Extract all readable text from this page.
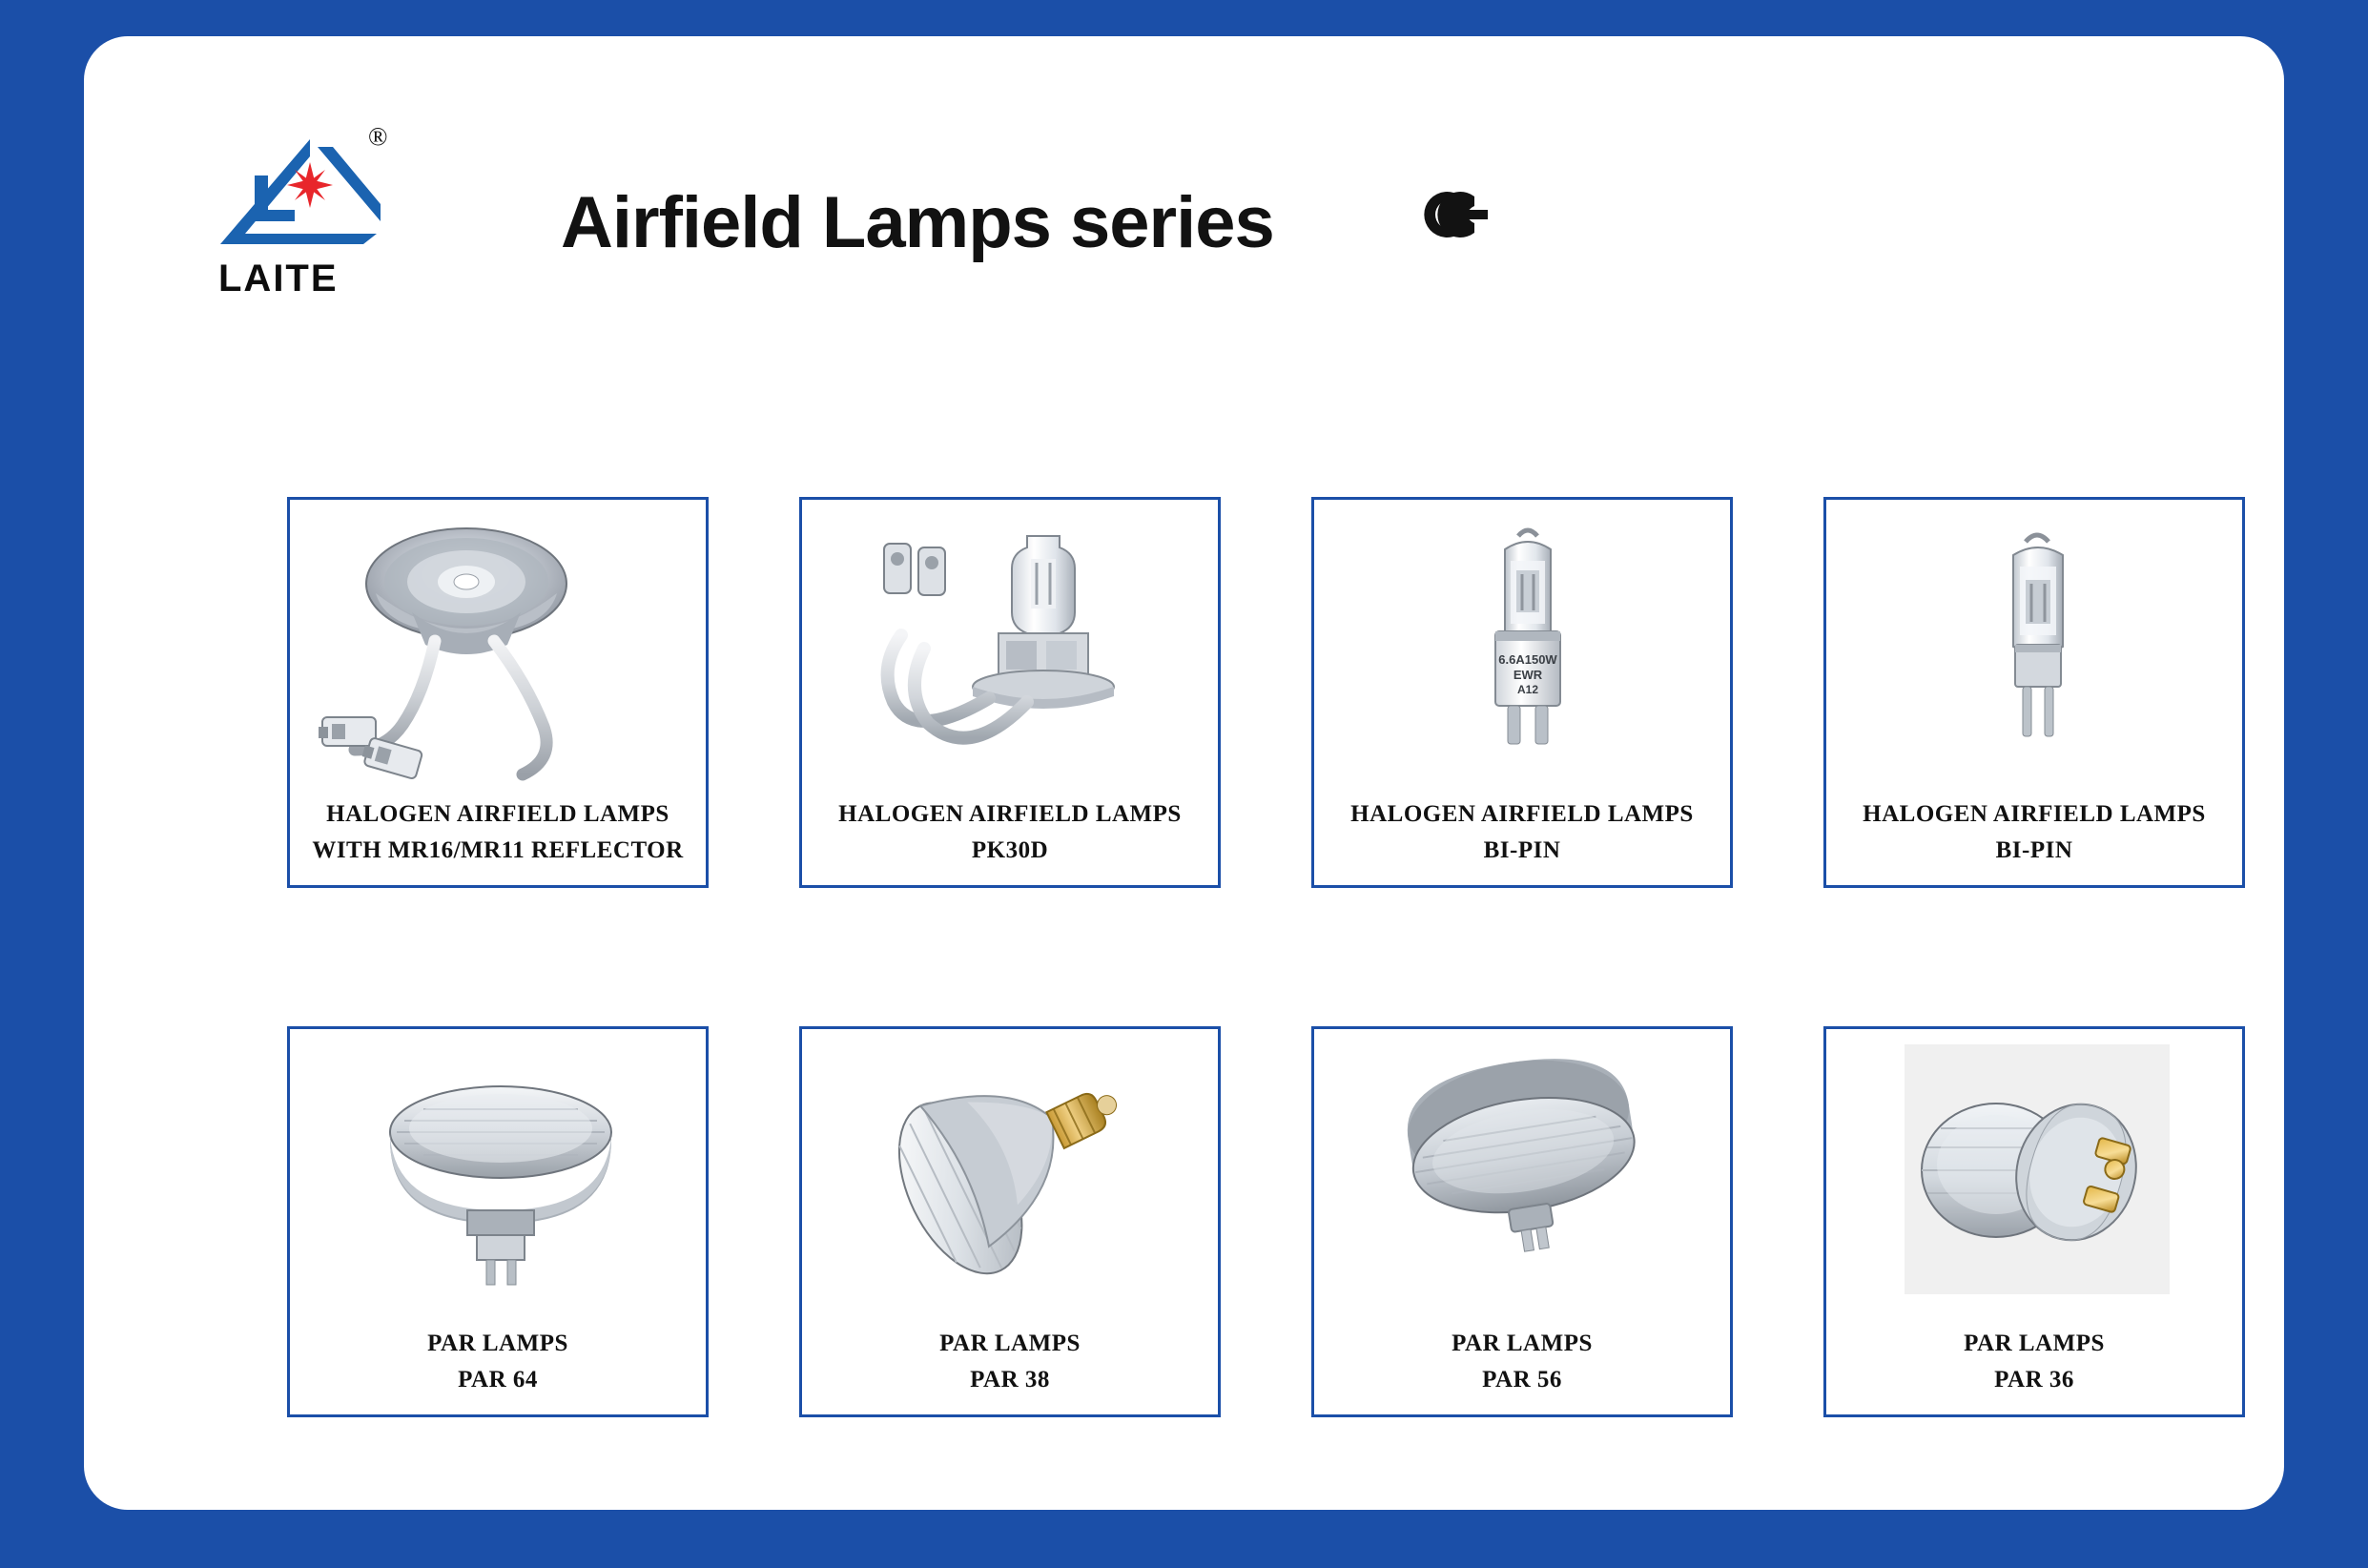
®
LAITE
Airfield Lamps series
HALOGEN AIRFIELD LAMPS
WITH MR16/MR11 REFLECTOR
HALOGEN AIRFIELD LAMPS
PK30D
6.6A150W
EWR
A12
HALOGEN AIRFIELD LAMPS
BI-PIN
HALOGEN AIRFIELD LAMPS
BI-PIN
PAR LAMPS
PAR 64
PAR LAMPS
PAR 38
PAR LAMPS
PAR 56
PAR LAMPS
PAR 36
